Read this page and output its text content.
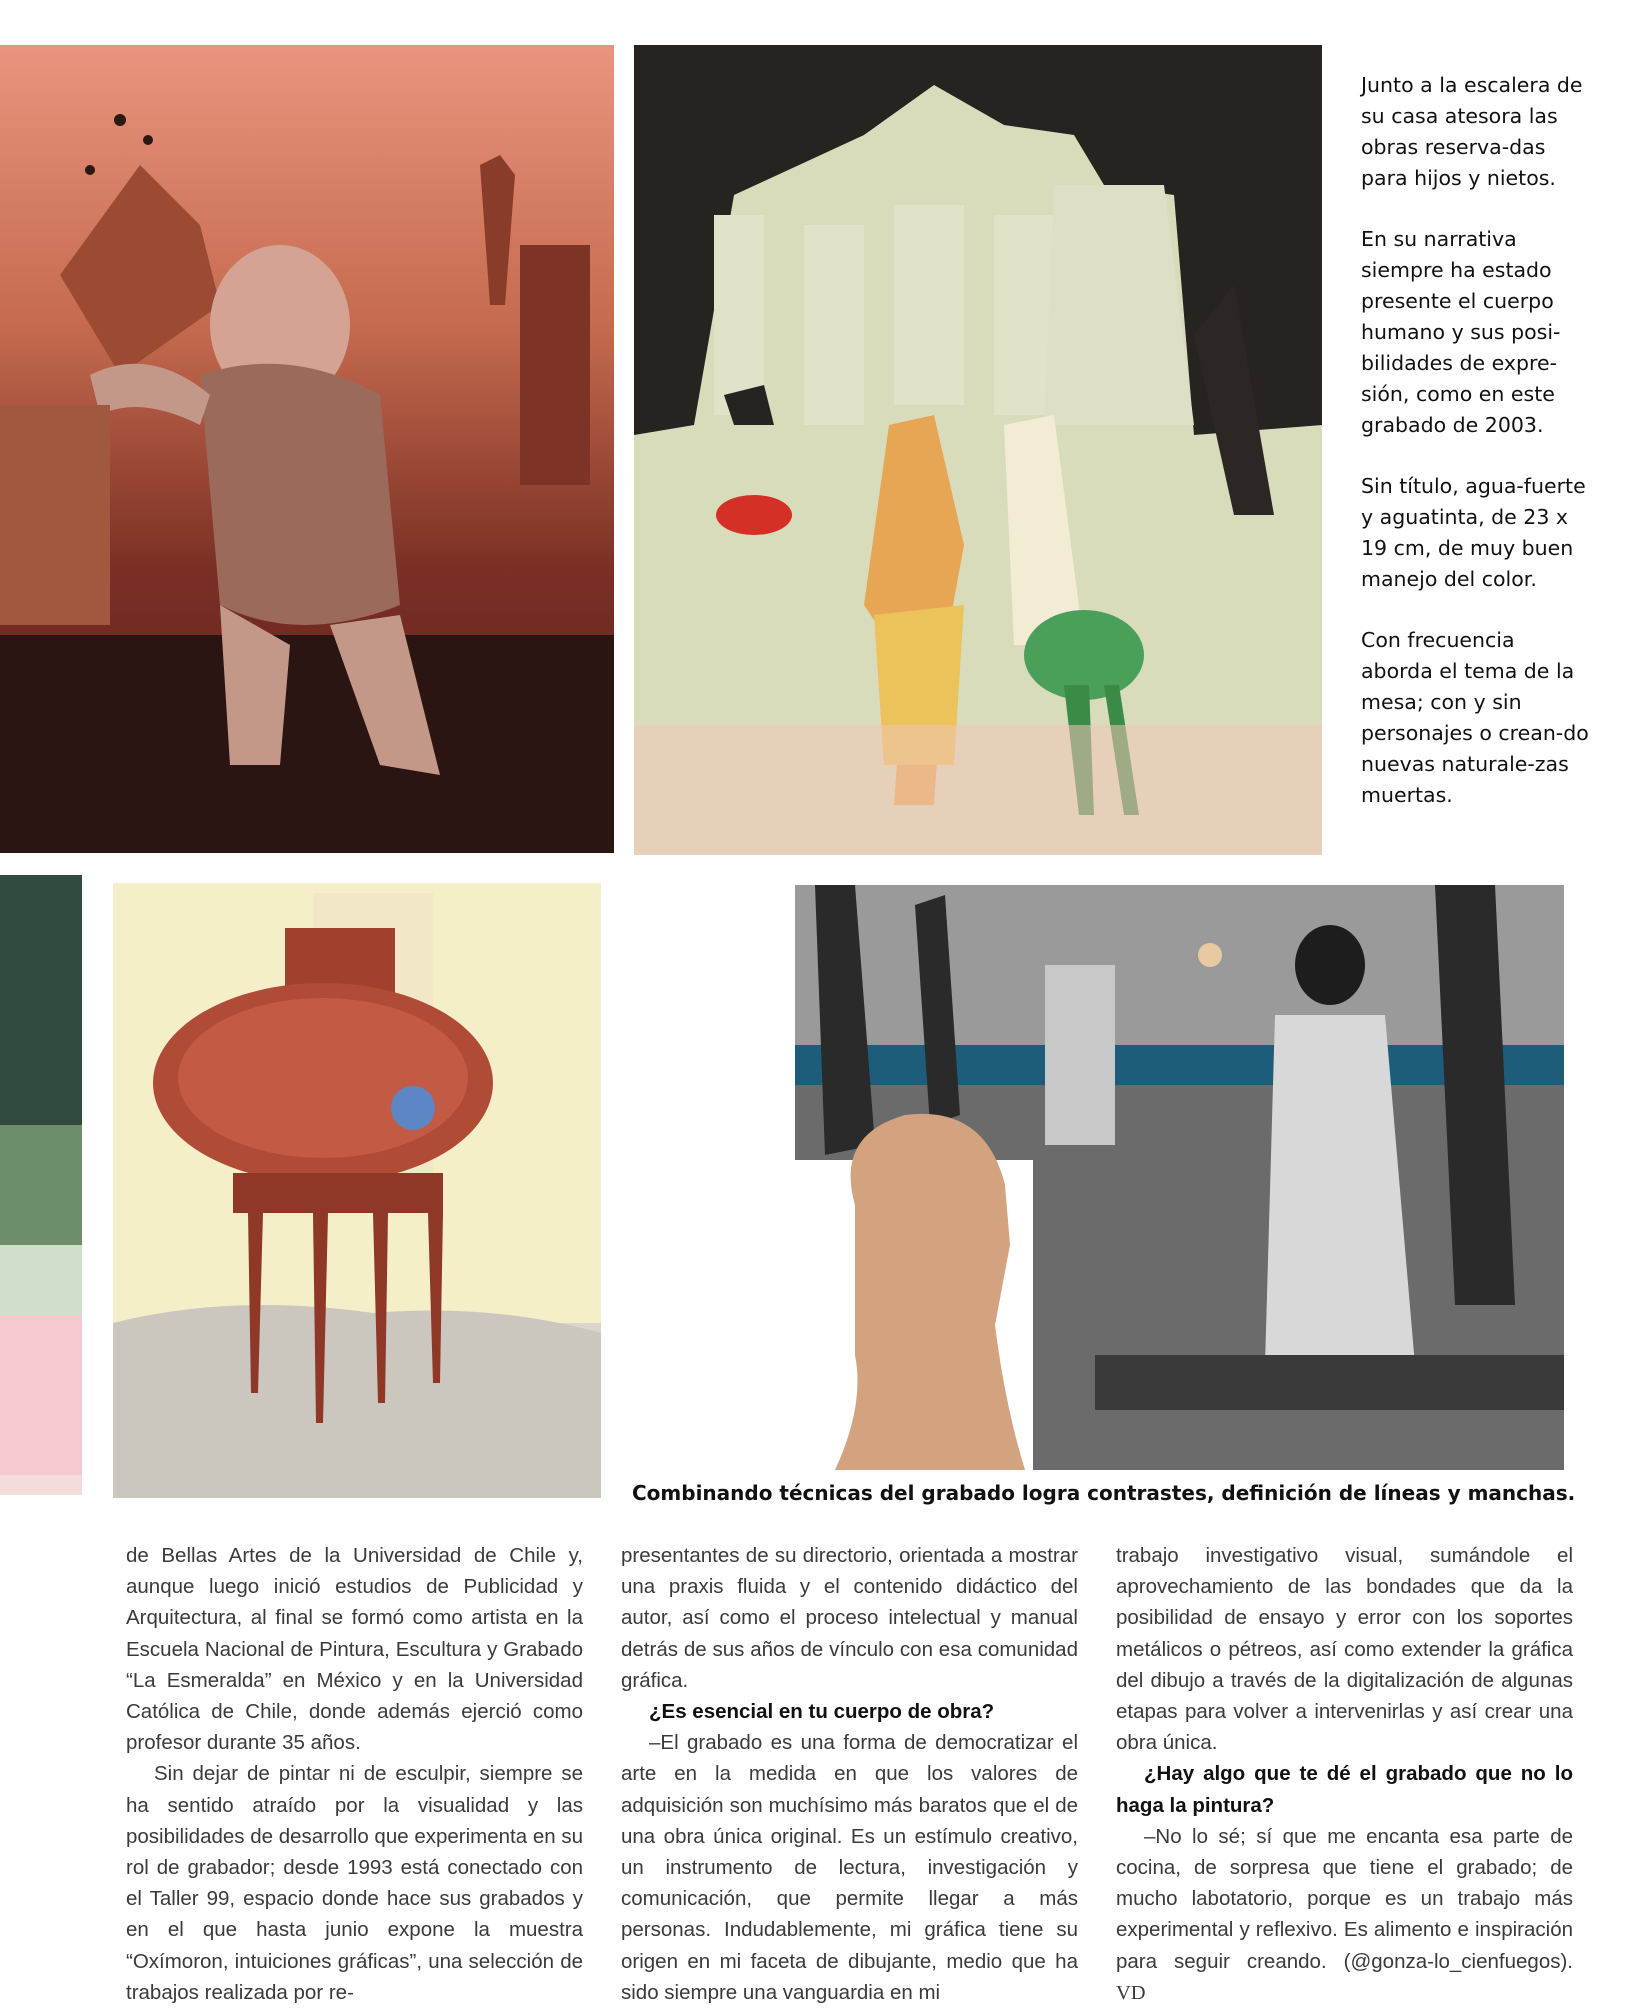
Junto a la escalera de su casa atesora las obras reserva-das para hijos y nietos.

En su narrativa siempre ha estado presente el cuerpo humano y sus posi-bilidades de expre-sión, como en este grabado de 2003.

Sin título, agua-fuerte y aguatinta, de 23 x 19 cm, de muy buen manejo del color.

Con frecuencia aborda el tema de la mesa; con y sin personajes o crean-do nuevas naturale-zas muertas.

Combinando técnicas del grabado logra contrastes, definición de líneas y manchas.

de Bellas Artes de la Universidad de Chile y, aunque luego inició estudios de Publicidad y Arquitectura, al final se formó como artista en la Escuela Nacional de Pintura, Escultura y Grabado “La Esmeralda” en México y en la Universidad Católica de Chile, donde además ejerció como profesor durante 35 años.

Sin dejar de pintar ni de esculpir, siempre se ha sentido atraído por la visualidad y las posibilidades de desarrollo que experimenta en su rol de grabador; desde 1993 está conectado con el Taller 99, espacio donde hace sus grabados y en el que hasta junio expone la muestra “Oxímoron, intuiciones gráficas”, una selección de trabajos realizada por re-

presentantes de su directorio, orientada a mostrar una praxis fluida y el contenido didáctico del autor, así como el proceso intelectual y manual detrás de sus años de vínculo con esa comunidad gráfica.

¿Es esencial en tu cuerpo de obra?

–El grabado es una forma de democratizar el arte en la medida en que los valores de adquisición son muchísimo más baratos que el de una obra única original. Es un estímulo creativo, un instrumento de lectura, investigación y comunicación, que permite llegar a más personas. Indudablemente, mi gráfica tiene su origen en mi faceta de dibujante, medio que ha sido siempre una vanguardia en mi

trabajo investigativo visual, sumándole el aprovechamiento de las bondades que da la posibilidad de ensayo y error con los soportes metálicos o pétreos, así como extender la gráfica del dibujo a través de la digitalización de algunas etapas para volver a intervenirlas y así crear una obra única.

¿Hay algo que te dé el grabado que no lo haga la pintura?

–No lo sé; sí que me encanta esa parte de cocina, de sorpresa que tiene el grabado; de mucho labotatorio, porque es un trabajo más experimental y reflexivo. Es alimento e inspiración para seguir creando. (@gonza-lo_cienfuegos). VD
